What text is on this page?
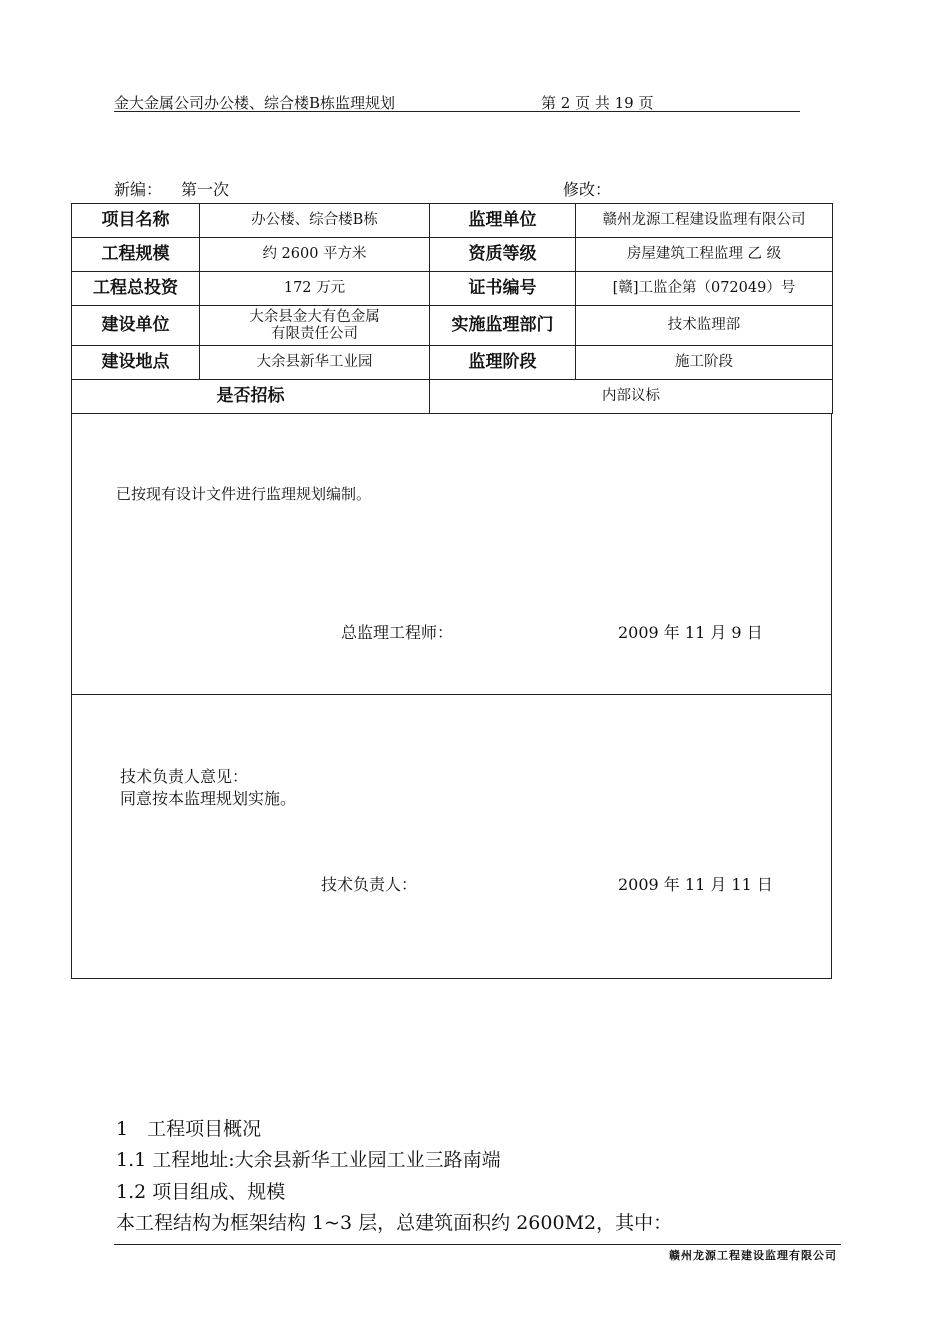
金大金属公司办公楼、综合楼B栋监理规划	第 2 页 共 19 页
新编： 第一次	修改：
项目名称	办公楼、综合楼B栋	监理单位	赣州龙源工程建设监理有限公司
工程规模	约 2600 平方米	资质等级	房屋建筑工程监理 乙 级
工程总投资	172 万元	证书编号	[赣]工监企第（072049）号
建设单位	大余县金大有色金属
有限责任公司	实施监理部门	技术监理部
建设地点	大余县新华工业园	监理阶段	施工阶段
是否招标		内部议标	
已按现有设计文件进行监理规划编制。
总监理工程师：	2009 年 11 月 9 日
技术负责人意见：
同意按本监理规划实施。
技术负责人：	2009 年 11 月 11 日
1　工程项目概况
1.1 工程地址:大余县新华工业园工业三路南端
1.2 项目组成、规模
本工程结构为框架结构 1~3 层，总建筑面积约 2600M2，其中：
赣州龙源工程建设监理有限公司
